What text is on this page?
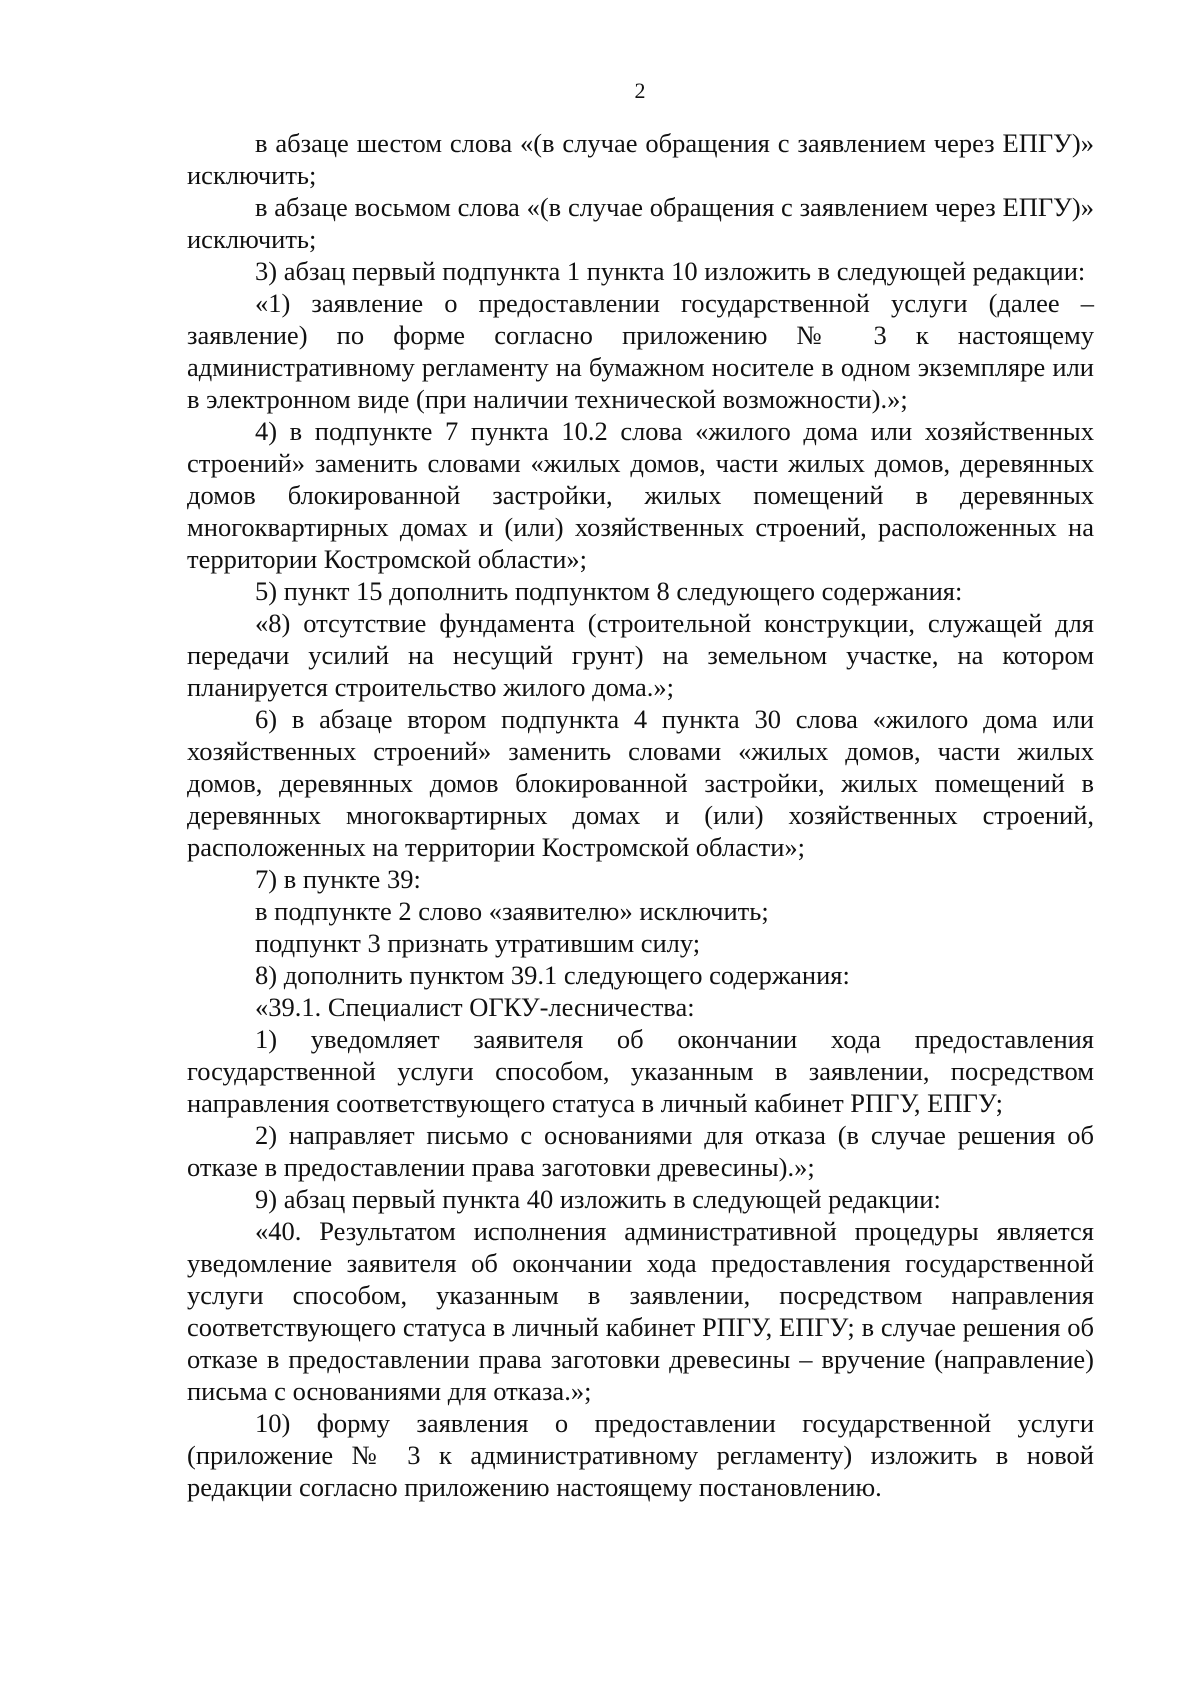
2

в абзаце шестом слова «(в случае обращения с заявлением через ЕПГУ)» исключить;

в абзаце восьмом слова «(в случае обращения с заявлением через ЕПГУ)» исключить;

3) абзац первый подпункта 1 пункта 10 изложить в следующей редакции:

«1) заявление о предоставлении государственной услуги (далее – заявление) по форме согласно приложению № 3 к настоящему административному регламенту на бумажном носителе в одном экземпляре или в электронном виде (при наличии технической возможности).»;

4) в подпункте 7 пункта 10.2 слова «жилого дома или хозяйственных строений» заменить словами «жилых домов, части жилых домов, деревянных домов блокированной застройки, жилых помещений в деревянных многоквартирных домах и (или) хозяйственных строений, расположенных на территории Костромской области»;

5) пункт 15 дополнить подпунктом 8 следующего содержания:

«8) отсутствие фундамента (строительной конструкции, служащей для передачи усилий на несущий грунт) на земельном участке, на котором планируется строительство жилого дома.»;

6) в абзаце втором подпункта 4 пункта 30 слова «жилого дома или хозяйственных строений» заменить словами «жилых домов, части жилых домов, деревянных домов блокированной застройки, жилых помещений в деревянных многоквартирных домах и (или) хозяйственных строений, расположенных на территории Костромской области»;

7) в пункте 39:

в подпункте 2 слово «заявителю» исключить;

подпункт 3 признать утратившим силу;

8) дополнить пунктом 39.1 следующего содержания:

«39.1. Специалист ОГКУ-лесничества:

1) уведомляет заявителя об окончании хода предоставления государственной услуги способом, указанным в заявлении, посредством направления соответствующего статуса в личный кабинет РПГУ, ЕПГУ;

2) направляет письмо с основаниями для отказа (в случае решения об отказе в предоставлении права заготовки древесины).»;

9) абзац первый пункта 40 изложить в следующей редакции:

«40. Результатом исполнения административной процедуры является уведомление заявителя об окончании хода предоставления государственной услуги способом, указанным в заявлении, посредством направления соответствующего статуса в личный кабинет РПГУ, ЕПГУ; в случае решения об отказе в предоставлении права заготовки древесины – вручение (направление) письма с основаниями для отказа.»;

10) форму заявления о предоставлении государственной услуги (приложение № 3 к административному регламенту) изложить в новой редакции согласно приложению настоящему постановлению.
